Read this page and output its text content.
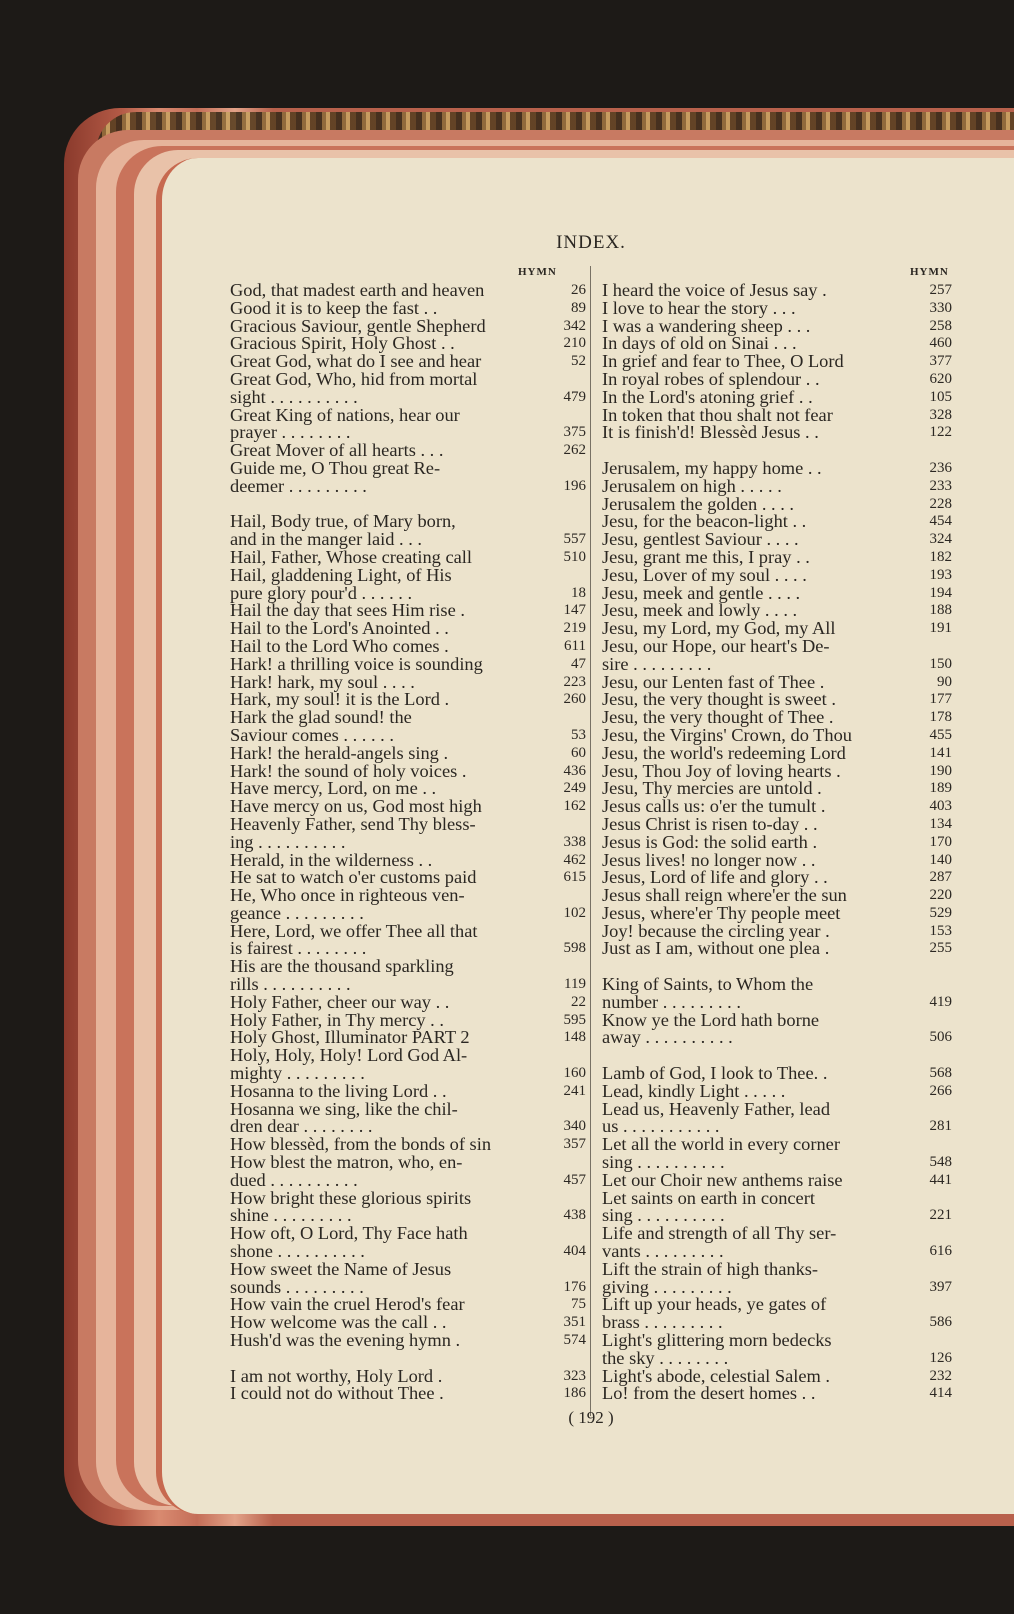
INDEX.
HYMN	HYMN
God, that madest earth and heaven	26
Good it is to keep the fast . .	89
Gracious Saviour, gentle Shepherd	342
Gracious Spirit, Holy Ghost . .	210
Great God, what do I see and hear	52
Great God, Who, hid from mortal
sight . . . . . . . . . .	479
Great King of nations, hear our
prayer . . . . . . . .	375
Great Mover of all hearts . . .	262
Guide me, O Thou great Re-
deemer . . . . . . . . .	196
Hail, Body true, of Mary born,
and in the manger laid . . .	557
Hail, Father, Whose creating call	510
Hail, gladdening Light, of His
pure glory pour'd . . . . . .	18
Hail the day that sees Him rise .	147
Hail to the Lord's Anointed . .	219
Hail to the Lord Who comes .	611
Hark! a thrilling voice is sounding	47
Hark! hark, my soul . . . .	223
Hark, my soul! it is the Lord .	260
Hark the glad sound! the
Saviour comes . . . . . .	53
Hark! the herald-angels sing .	60
Hark! the sound of holy voices .	436
Have mercy, Lord, on me . .	249
Have mercy on us, God most high	162
Heavenly Father, send Thy bless-
ing . . . . . . . . . .	338
Herald, in the wilderness . .	462
He sat to watch o'er customs paid	615
He, Who once in righteous ven-
geance . . . . . . . . .	102
Here, Lord, we offer Thee all that
is fairest . . . . . . . .	598
His are the thousand sparkling
rills . . . . . . . . . .	119
Holy Father, cheer our way . .	22
Holy Father, in Thy mercy . .	595
Holy Ghost, Illuminator PART 2	148
Holy, Holy, Holy! Lord God Al-
mighty . . . . . . . . .	160
Hosanna to the living Lord . .	241
Hosanna we sing, like the chil-
dren dear . . . . . . . .	340
How blessèd, from the bonds of sin	357
How blest the matron, who, en-
dued . . . . . . . . . .	457
How bright these glorious spirits
shine . . . . . . . . .	438
How oft, O Lord, Thy Face hath
shone . . . . . . . . . .	404
How sweet the Name of Jesus
sounds . . . . . . . . .	176
How vain the cruel Herod's fear	75
How welcome was the call . .	351
Hush'd was the evening hymn .	574
I am not worthy, Holy Lord .	323
I could not do without Thee .	186
I heard the voice of Jesus say .	257
I love to hear the story . . .	330
I was a wandering sheep . . .	258
In days of old on Sinai . . .	460
In grief and fear to Thee, O Lord	377
In royal robes of splendour . .	620
In the Lord's atoning grief . .	105
In token that thou shalt not fear	328
It is finish'd! Blessèd Jesus . .	122
Jerusalem, my happy home . .	236
Jerusalem on high . . . . .	233
Jerusalem the golden . . . .	228
Jesu, for the beacon-light . .	454
Jesu, gentlest Saviour . . . .	324
Jesu, grant me this, I pray . .	182
Jesu, Lover of my soul . . . .	193
Jesu, meek and gentle . . . .	194
Jesu, meek and lowly . . . .	188
Jesu, my Lord, my God, my All	191
Jesu, our Hope, our heart's De-
sire . . . . . . . . .	150
Jesu, our Lenten fast of Thee .	90
Jesu, the very thought is sweet .	177
Jesu, the very thought of Thee .	178
Jesu, the Virgins' Crown, do Thou	455
Jesu, the world's redeeming Lord	141
Jesu, Thou Joy of loving hearts .	190
Jesu, Thy mercies are untold .	189
Jesus calls us: o'er the tumult .	403
Jesus Christ is risen to-day . .	134
Jesus is God: the solid earth .	170
Jesus lives! no longer now . .	140
Jesus, Lord of life and glory . .	287
Jesus shall reign where'er the sun	220
Jesus, where'er Thy people meet	529
Joy! because the circling year .	153
Just as I am, without one plea .	255
King of Saints, to Whom the
number . . . . . . . . .	419
Know ye the Lord hath borne
away . . . . . . . . . .	506
Lamb of God, I look to Thee. .	568
Lead, kindly Light . . . . .	266
Lead us, Heavenly Father, lead
us . . . . . . . . . . .	281
Let all the world in every corner
sing . . . . . . . . . .	548
Let our Choir new anthems raise	441
Let saints on earth in concert
sing . . . . . . . . . .	221
Life and strength of all Thy ser-
vants . . . . . . . . .	616
Lift the strain of high thanks-
giving . . . . . . . . .	397
Lift up your heads, ye gates of
brass . . . . . . . . .	586
Light's glittering morn bedecks
the sky . . . . . . . .	126
Light's abode, celestial Salem .	232
Lo! from the desert homes . .	414
( 192 )
